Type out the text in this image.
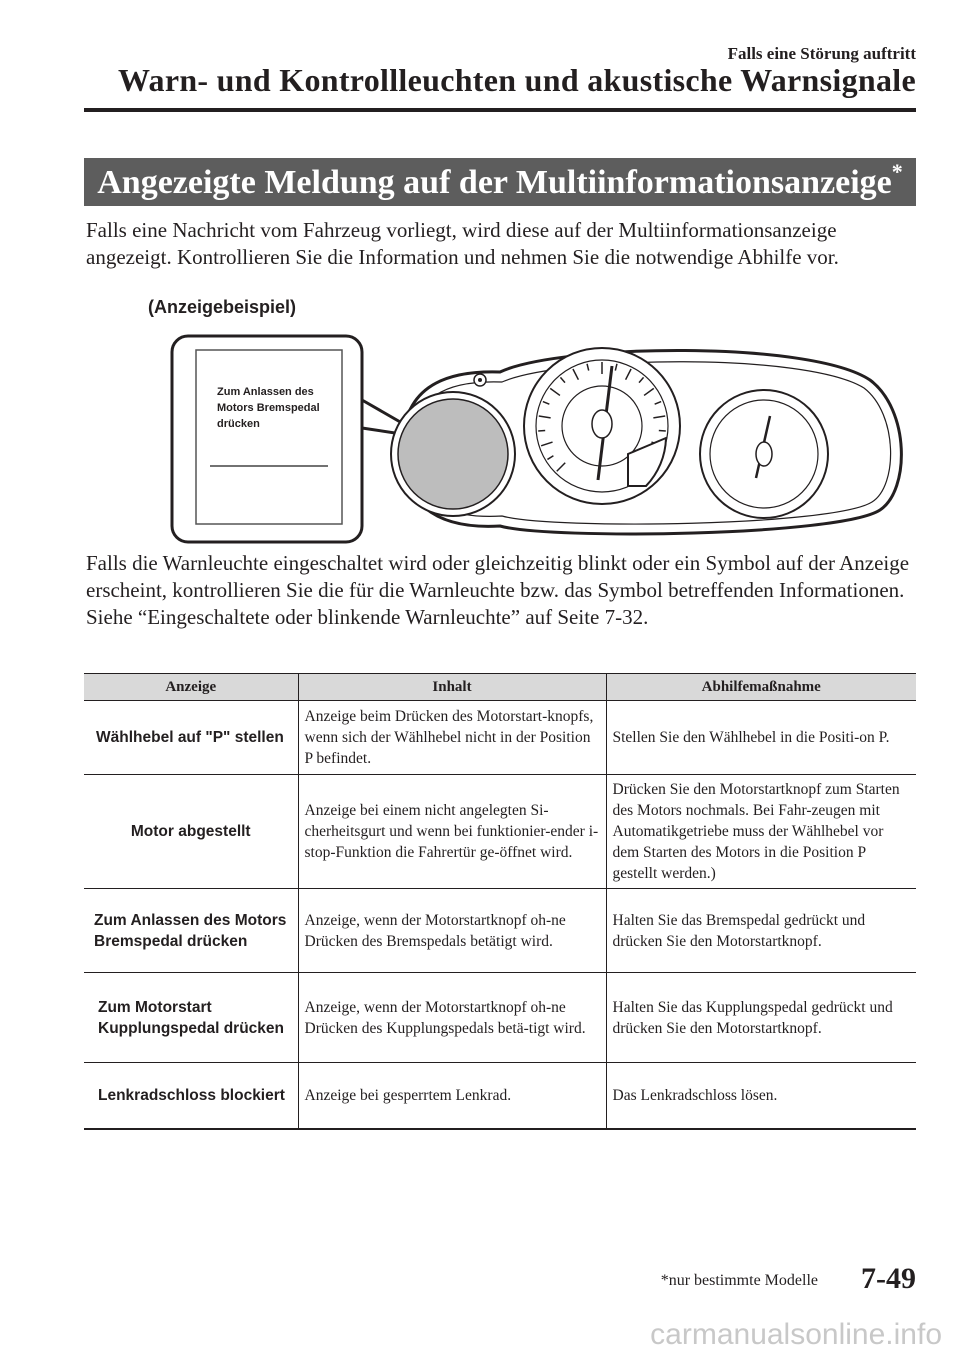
Falls eine Störung auftritt
Warn- und Kontrollleuchten und akustische Warnsignale
Angezeigte Meldung auf der Multiinformationsanzeige*
Falls eine Nachricht vom Fahrzeug vorliegt, wird diese auf der Multiinformationsanzeige angezeigt. Kontrollieren Sie die Information und nehmen Sie die notwendige Abhilfe vor.
(Anzeigebeispiel)
Zum Anlassen des Motors Bremspedal drücken
Falls die Warnleuchte eingeschaltet wird oder gleichzeitig blinkt oder ein Symbol auf der Anzeige erscheint, kontrollieren Sie die für die Warnleuchte bzw. das Symbol betreffenden Informationen.
Siehe “Eingeschaltete oder blinkende Warnleuchte” auf Seite 7-32.
Anzeige	Inhalt	Abhilfemaßnahme
Wählhebel auf "P" stellen	Anzeige beim Drücken des Motorstart-knopfs, wenn sich der Wählhebel nicht in der Position P befindet.	Stellen Sie den Wählhebel in die Positi-on P.
Motor abgestellt	Anzeige bei einem nicht angelegten Si-cherheitsgurt und wenn bei funktionier-ender i-stop-Funktion die Fahrertür ge-öffnet wird.	Drücken Sie den Motorstartknopf zum Starten des Motors nochmals. Bei Fahr-zeugen mit Automatikgetriebe muss der Wählhebel vor dem Starten des Motors in die Position P gestellt werden.)
Zum Anlassen des Motors Bremspedal drücken	Anzeige, wenn der Motorstartknopf oh-ne Drücken des Bremspedals betätigt wird.	Halten Sie das Bremspedal gedrückt und drücken Sie den Motorstartknopf.
Zum Motorstart Kupplungspedal drücken	Anzeige, wenn der Motorstartknopf oh-ne Drücken des Kupplungspedals betä-tigt wird.	Halten Sie das Kupplungspedal gedrückt und drücken Sie den Motorstartknopf.
Lenkradschloss blockiert	Anzeige bei gesperrtem Lenkrad.	Das Lenkradschloss lösen.
*nur bestimmte Modelle 7-49
carmanualsonline.info
